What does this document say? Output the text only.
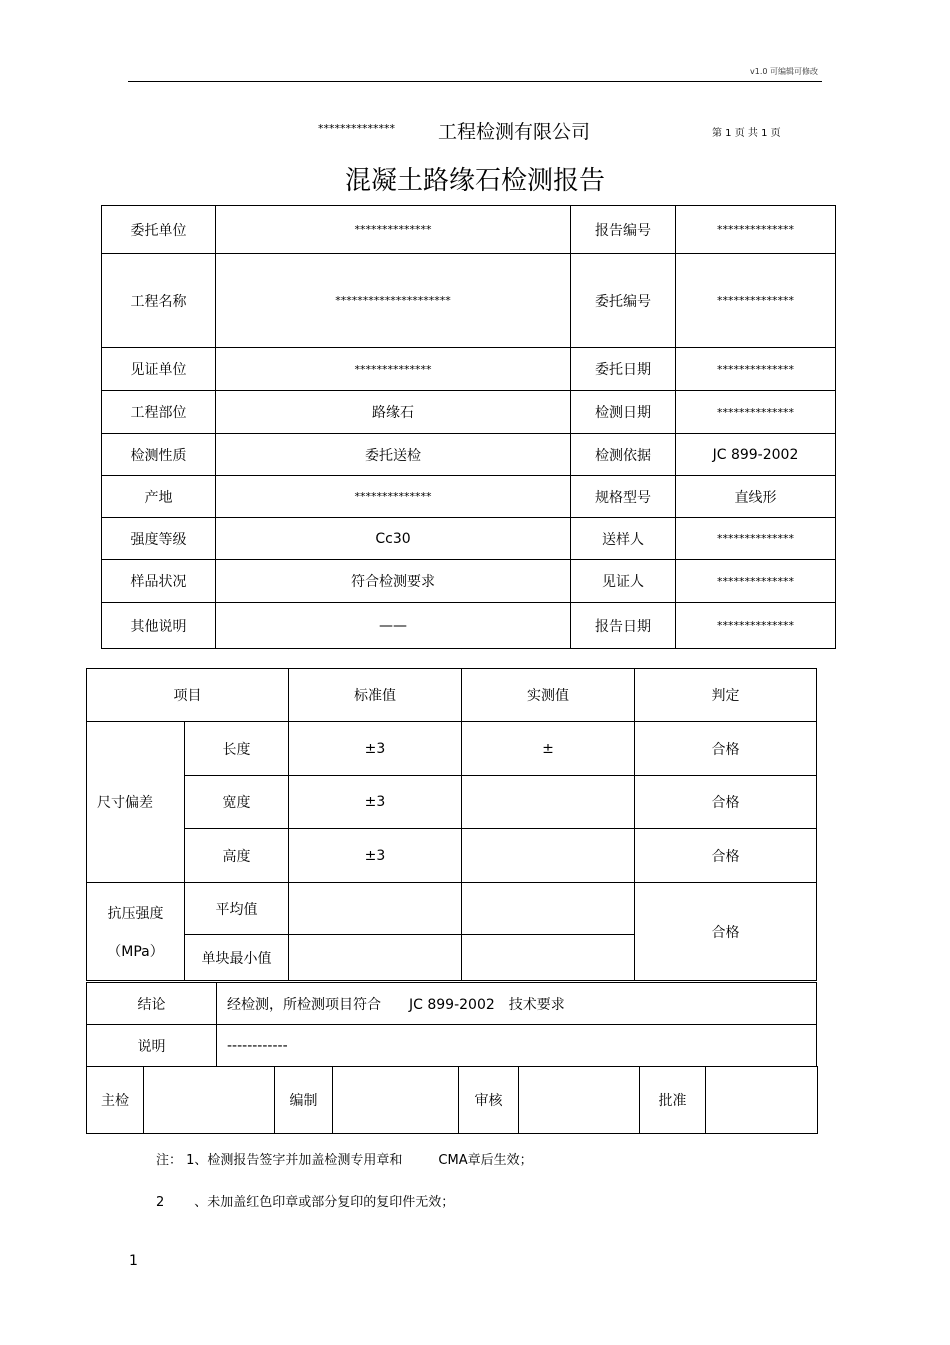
v1.0 可编辑可修改
************** 工程检测有限公司	第 1 页 共 1 页
混凝土路缘石检测报告
委托单位	**************	报告编号	**************
工程名称	*********************	委托编号	**************
见证单位	**************	委托日期	**************
工程部位	路缘石	检测日期	**************
检测性质	委托送检	检测依据	JC 899-2002
产地	**************	规格型号	直线形
强度等级	Cc30	送样人	**************
样品状况	符合检测要求	见证人	**************
其他说明	——	报告日期	**************
项目		标准值	实测值	判定
尺寸偏差	长度	±3	±	合格
	宽度	±3		合格
	高度	±3		合格

抗压强度
（MPa）	平均值			合格
	单块最小值			
结论	经检测，所检测项目符合　　JC 899-2002　技术要求
说明	------------
主检		编制		审核		批准	
注： 1、检测报告签字并加盖检测专用章和	CMA章后生效；
2 、未加盖红色印章或部分复印的复印件无效；
1
